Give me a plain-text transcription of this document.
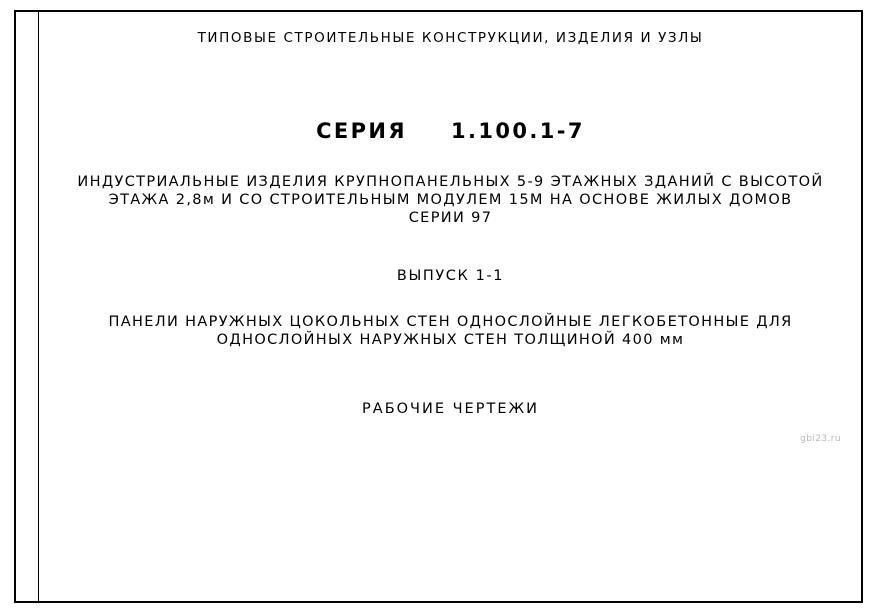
ТИПОВЫЕ СТРОИТЕЛЬНЫЕ КОНСТРУКЦИИ, ИЗДЕЛИЯ И УЗЛЫ
СЕРИЯ 1.100.1-7
ИНДУСТРИАЛЬНЫЕ ИЗДЕЛИЯ КРУПНОПАНЕЛЬНЫХ 5-9 ЭТАЖНЫХ ЗДАНИЙ С ВЫСОТОЙ
ЭТАЖА 2,8м И СО СТРОИТЕЛЬНЫМ МОДУЛЕМ 15М НА ОСНОВЕ ЖИЛЫХ ДОМОВ
СЕРИИ 97
ВЫПУСК 1-1
ПАНЕЛИ НАРУЖНЫХ ЦОКОЛЬНЫХ СТЕН ОДНОСЛОЙНЫЕ ЛЕГКОБЕТОННЫЕ ДЛЯ
ОДНОСЛОЙНЫХ НАРУЖНЫХ СТЕН ТОЛЩИНОЙ 400 мм
РАБОЧИЕ ЧЕРТЕЖИ
gbi23.ru
